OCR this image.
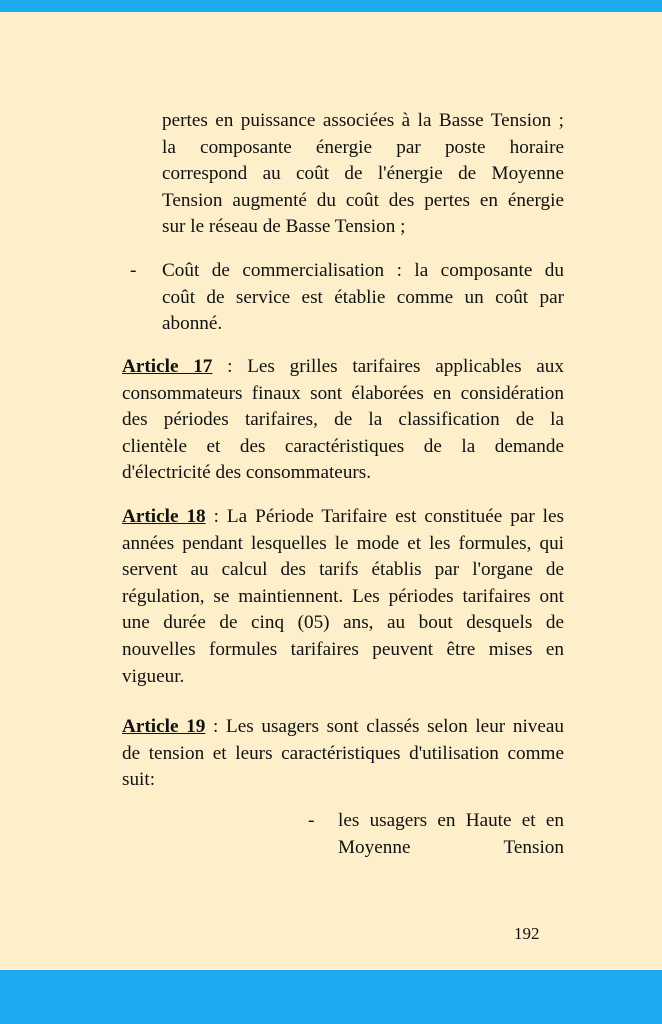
pertes en puissance associées à la Basse Tension ;
la composante énergie par poste horaire
correspond au coût de l'énergie de Moyenne
Tension augmenté du coût des pertes en énergie
sur le réseau de Basse Tension ;
- Coût de commercialisation : la composante du
coût de service est établie comme un coût par
abonné.
Article 17 : Les grilles tarifaires applicables aux
consommateurs finaux sont élaborées en considération
des périodes tarifaires, de la classification de la
clientèle et des caractéristiques de la demande
d'électricité des consommateurs.
Article 18 : La Période Tarifaire est constituée par les
années pendant lesquelles le mode et les formules, qui
servent au calcul des tarifs établis par l'organe de
régulation, se maintiennent. Les périodes tarifaires ont
une durée de cinq (05) ans, au bout desquels de
nouvelles formules tarifaires peuvent être mises en
vigueur.
Article 19 : Les usagers sont classés selon leur niveau
de tension et leurs caractéristiques d'utilisation comme
suit:
- les usagers en Haute et en
Moyenne Tension
192
